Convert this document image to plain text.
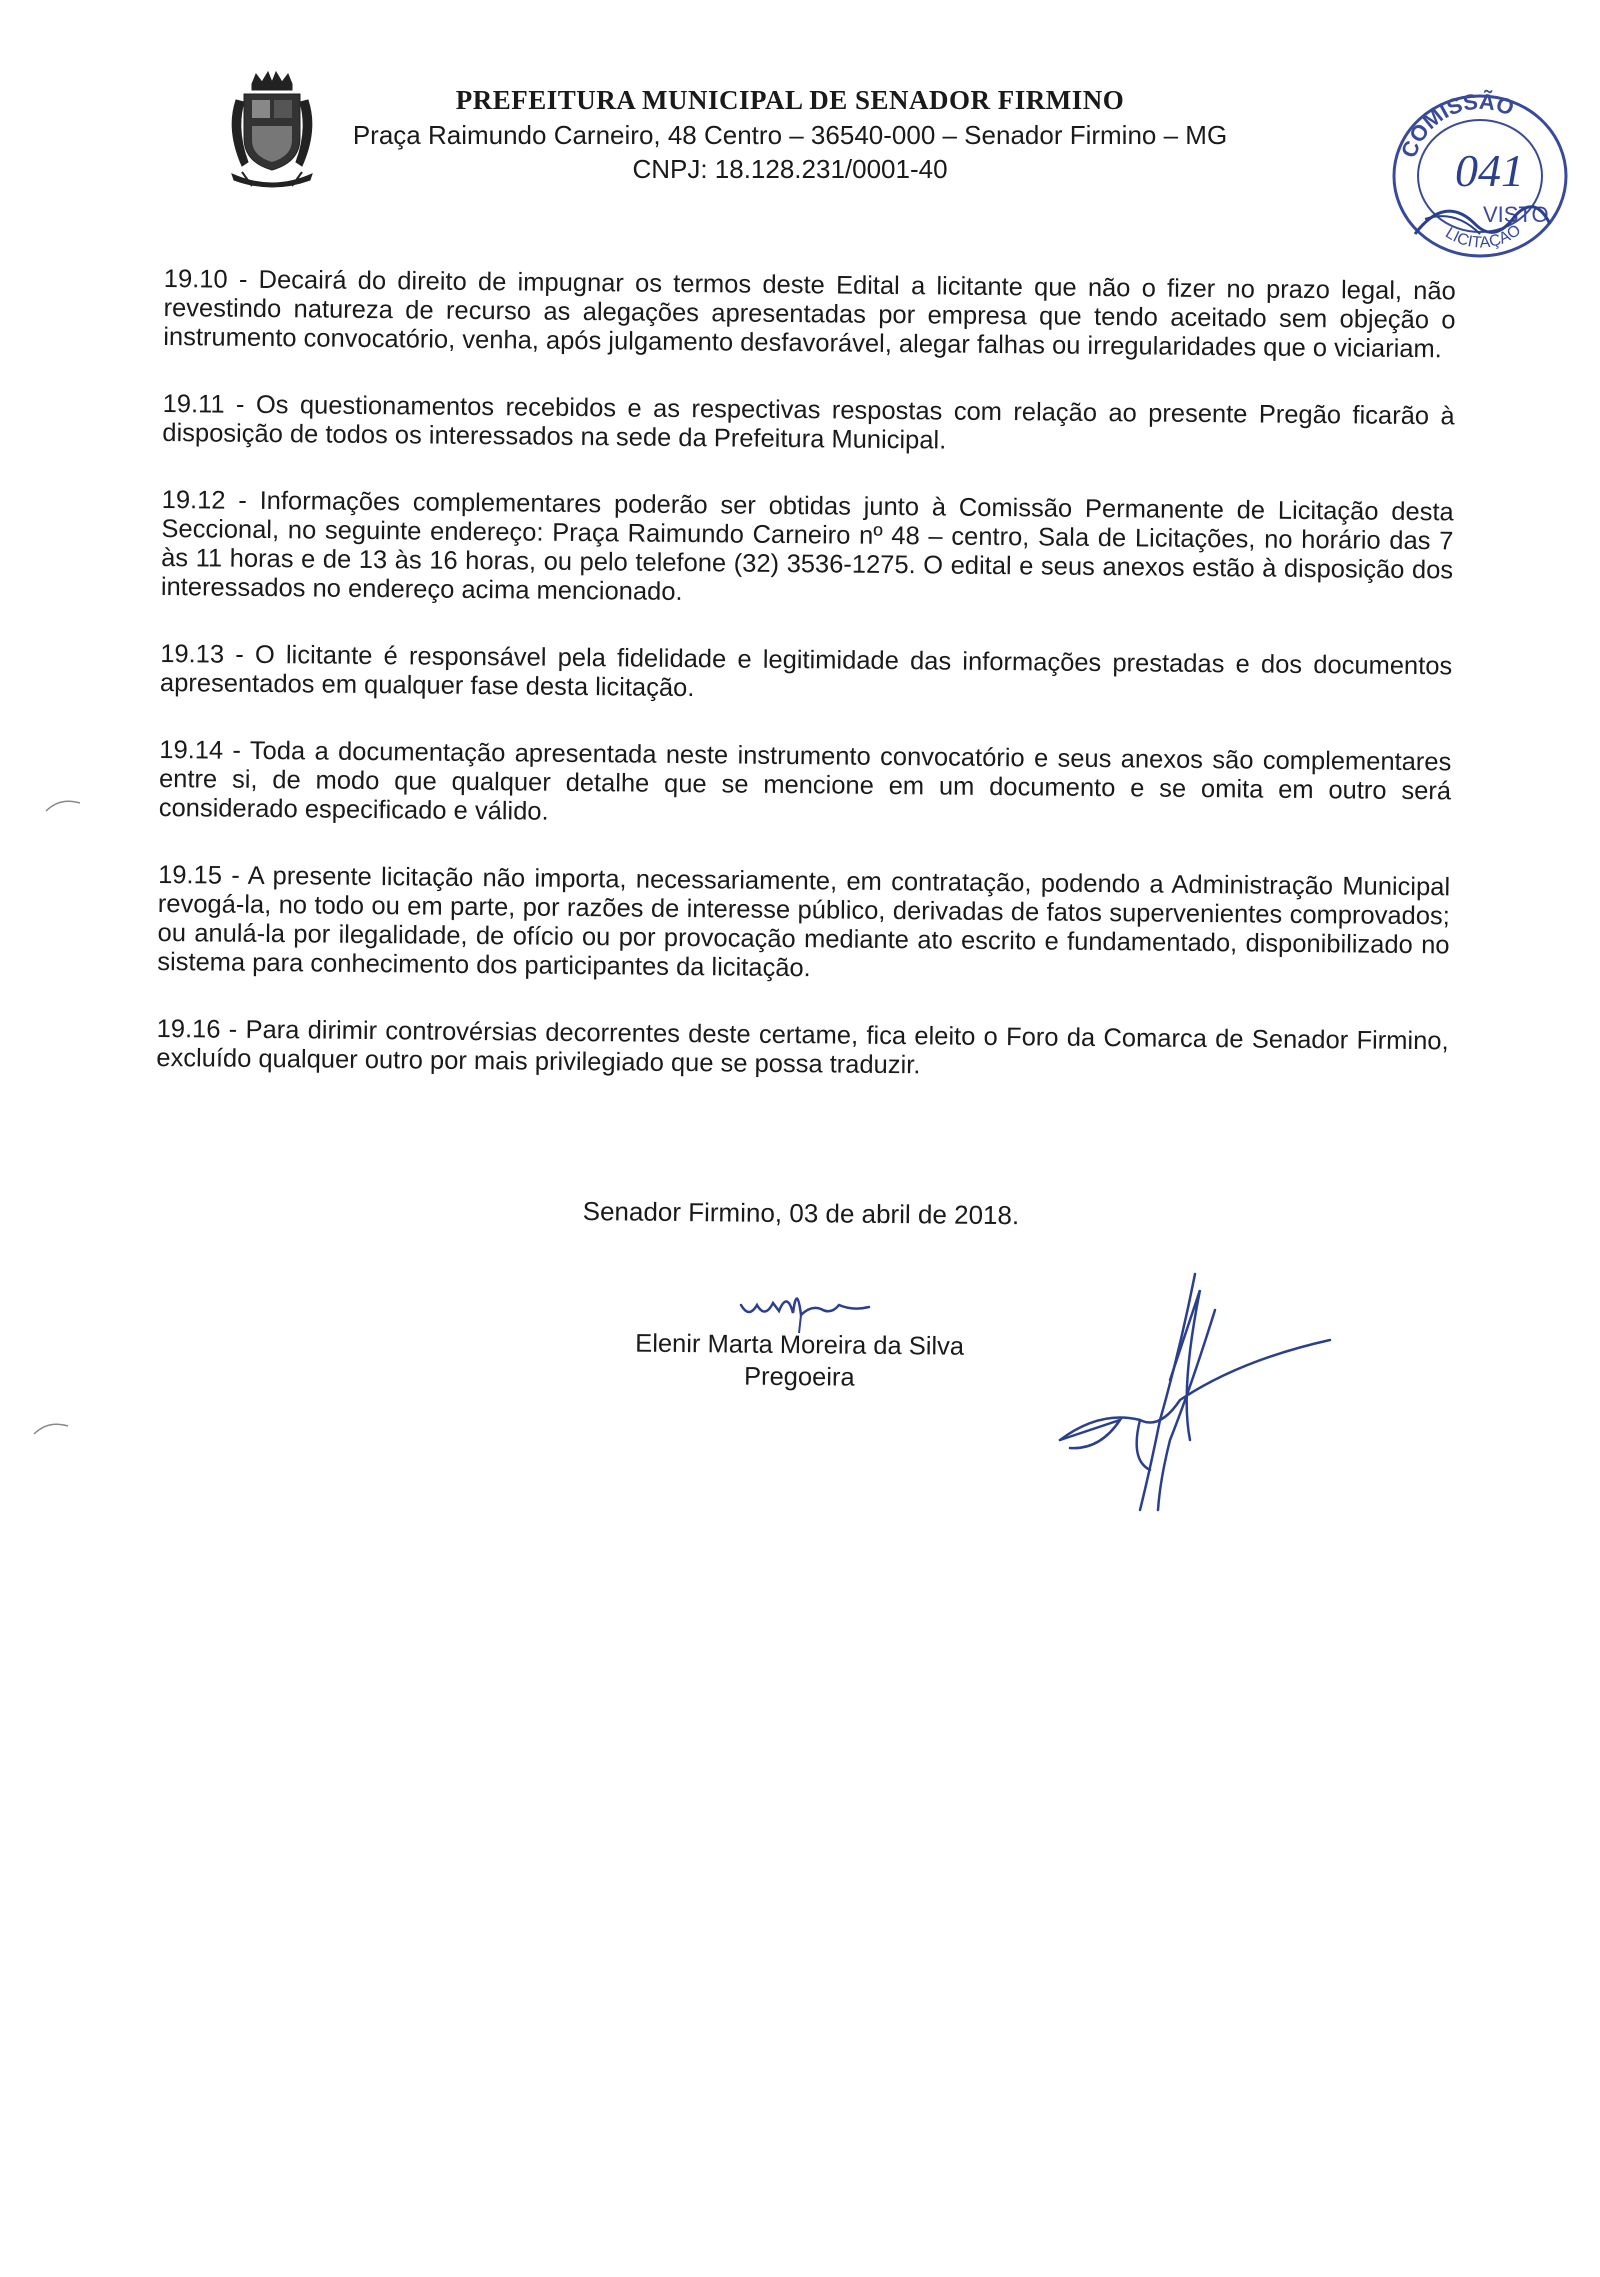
PREFEITURA MUNICIPAL DE SENADOR FIRMINO
Praça Raimundo Carneiro, 48 Centro – 36540-000 – Senador Firmino – MG
CNPJ: 18.128.231/0001-40
COMISSÃO
LICITAÇÃO
041
VISTO

19.10 - Decairá do direito de impugnar os termos deste Edital a licitante que não o fizer no prazo legal, não revestindo natureza de recurso as alegações apresentadas por empresa que tendo aceitado sem objeção o instrumento convocatório, venha, após julgamento desfavorável, alegar falhas ou irregularidades que o viciariam.

19.11 - Os questionamentos recebidos e as respectivas respostas com relação ao presente Pregão ficarão à disposição de todos os interessados na sede da Prefeitura Municipal.

19.12 - Informações complementares poderão ser obtidas junto à Comissão Permanente de Licitação desta Seccional, no seguinte endereço: Praça Raimundo Carneiro nº 48 – centro, Sala de Licitações, no horário das 7 às 11 horas e de 13 às 16 horas, ou pelo telefone (32) 3536-1275. O edital e seus anexos estão à disposição dos interessados no endereço acima mencionado.

19.13 - O licitante é responsável pela fidelidade e legitimidade das informações prestadas e dos documentos apresentados em qualquer fase desta licitação.

19.14 - Toda a documentação apresentada neste instrumento convocatório e seus anexos são complementares entre si, de modo que qualquer detalhe que se mencione em um documento e se omita em outro será considerado especificado e válido.

19.15 - A presente licitação não importa, necessariamente, em contratação, podendo a Administração Municipal revogá-la, no todo ou em parte, por razões de interesse público, derivadas de fatos supervenientes comprovados; ou anulá-la por ilegalidade, de ofício ou por provocação mediante ato escrito e fundamentado, disponibilizado no sistema para conhecimento dos participantes da licitação.

19.16 - Para dirimir controvérsias decorrentes deste certame, fica eleito o Foro da Comarca de Senador Firmino, excluído qualquer outro por mais privilegiado que se possa traduzir.

Senador Firmino, 03 de abril de 2018.
Elenir Marta Moreira da Silva
Pregoeira
